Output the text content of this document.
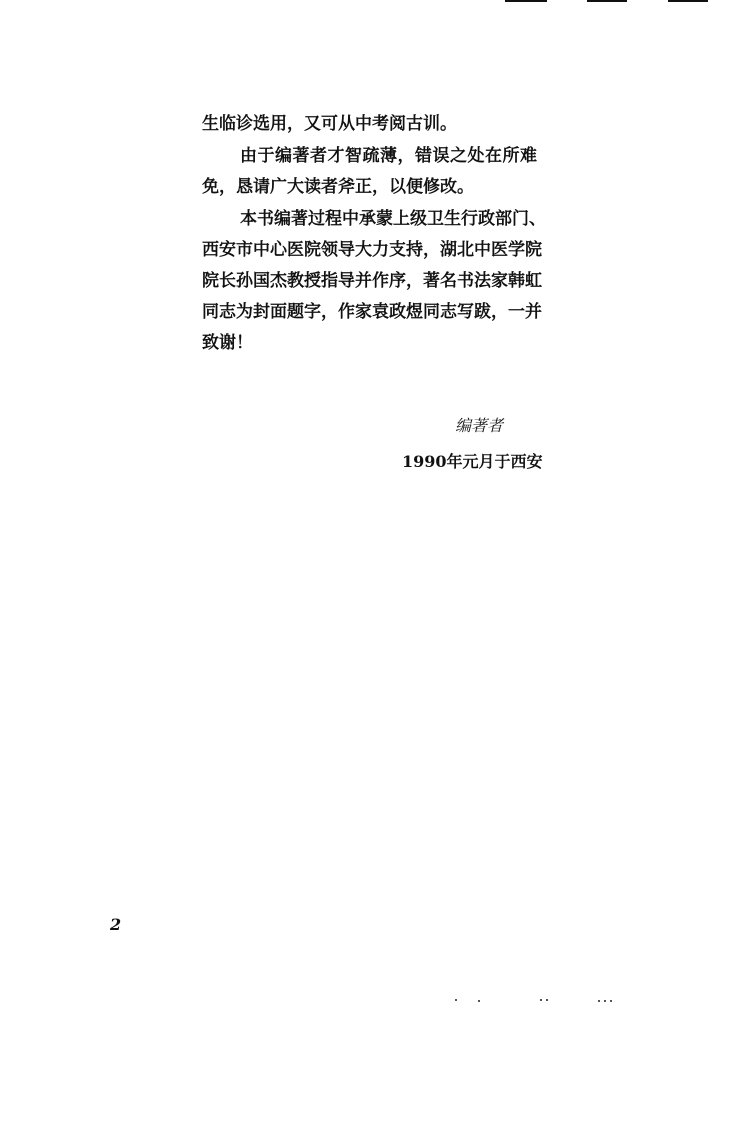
生临诊选用，又可从中考阅古训。
由于编著者才智疏薄，错误之处在所难
免，恳请广大读者斧正，以便修改。
本书编著过程中承蒙上级卫生行政部门、
西安市中心医院领导大力支持，湖北中医学院
院长孙国杰教授指导并作序，著名书法家韩虹
同志为封面题字，作家袁政煜同志写跋，一并
致谢！
编著者
1990年元月于西安
2
